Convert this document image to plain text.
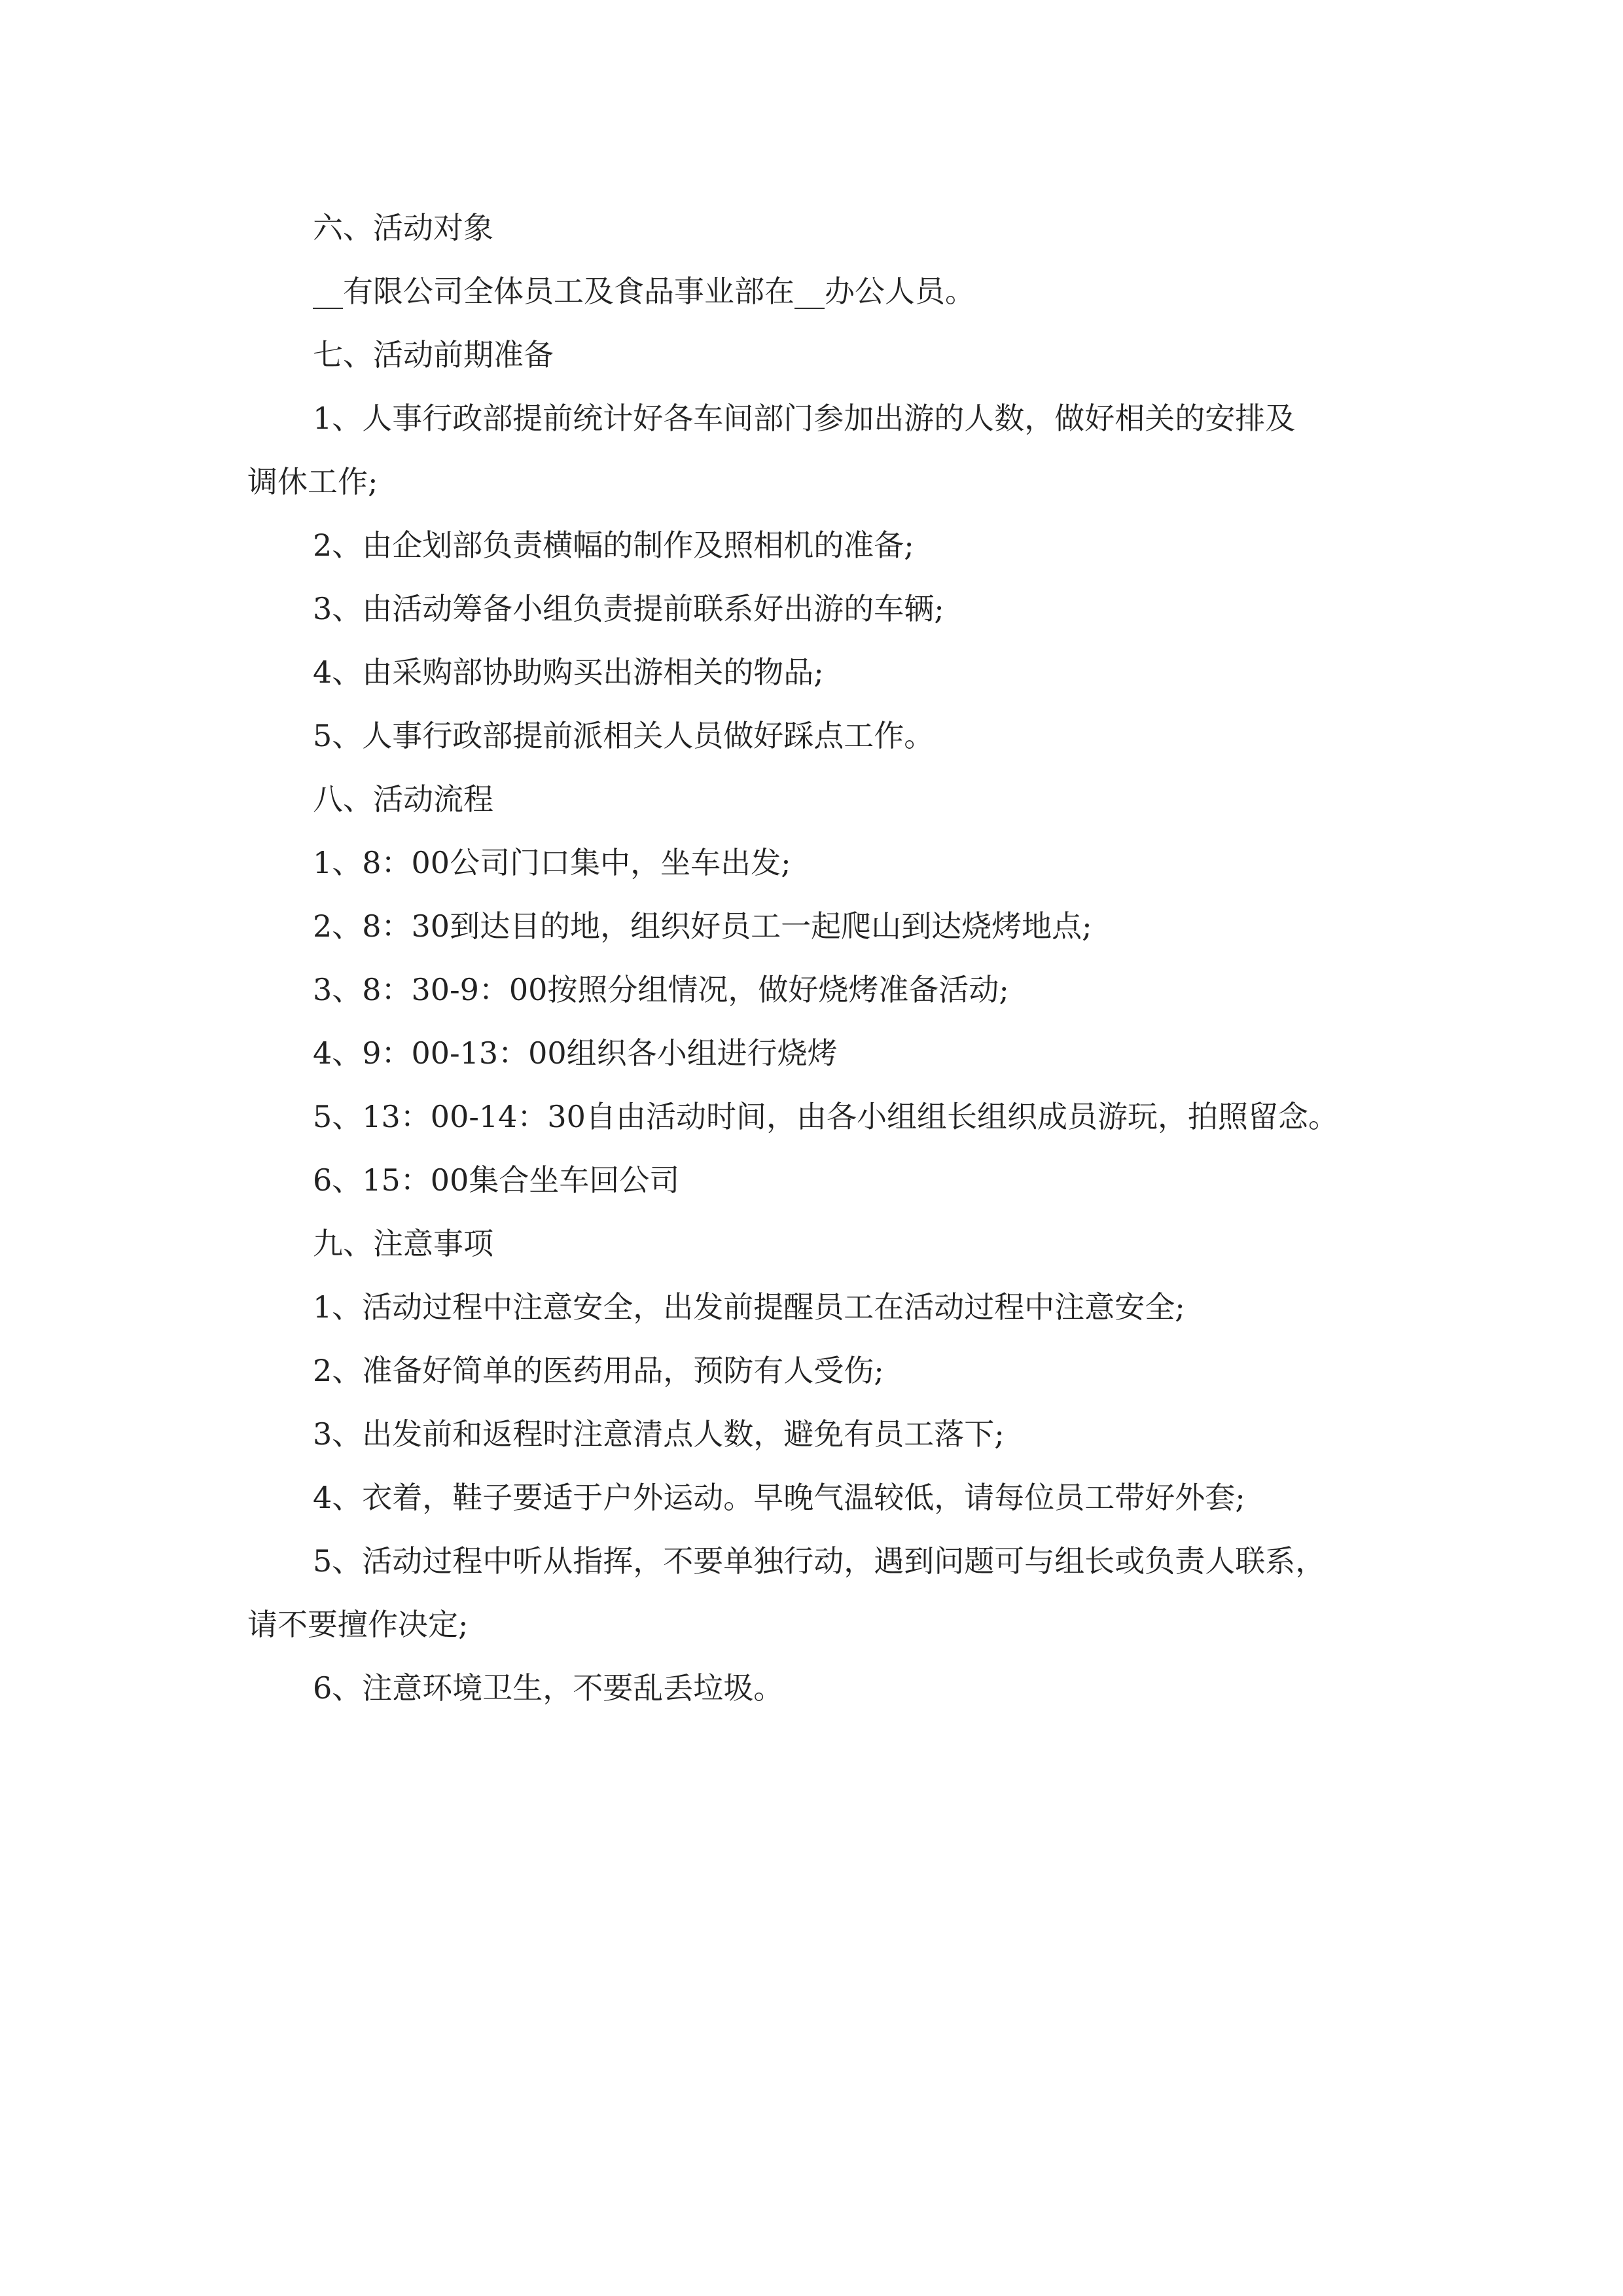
六、活动对象

__有限公司全体员工及食品事业部在__办公人员。

七、活动前期准备

1、人事行政部提前统计好各车间部门参加出游的人数，做好相关的安排及
调休工作;

2、由企划部负责横幅的制作及照相机的准备;

3、由活动筹备小组负责提前联系好出游的车辆;

4、由采购部协助购买出游相关的物品;

5、人事行政部提前派相关人员做好踩点工作。

八、活动流程

1、8：00公司门口集中，坐车出发;

2、8：30到达目的地，组织好员工一起爬山到达烧烤地点;

3、8：30-9：00按照分组情况，做好烧烤准备活动;

4、9：00-13：00组织各小组进行烧烤

5、13：00-14：30自由活动时间，由各小组组长组织成员游玩，拍照留念。

6、15：00集合坐车回公司

九、注意事项

1、活动过程中注意安全，出发前提醒员工在活动过程中注意安全;

2、准备好简单的医药用品，预防有人受伤;

3、出发前和返程时注意清点人数，避免有员工落下;

4、衣着，鞋子要适于户外运动。早晚气温较低，请每位员工带好外套;

5、活动过程中听从指挥，不要单独行动，遇到问题可与组长或负责人联系，
请不要擅作决定;

6、注意环境卫生，不要乱丢垃圾。
